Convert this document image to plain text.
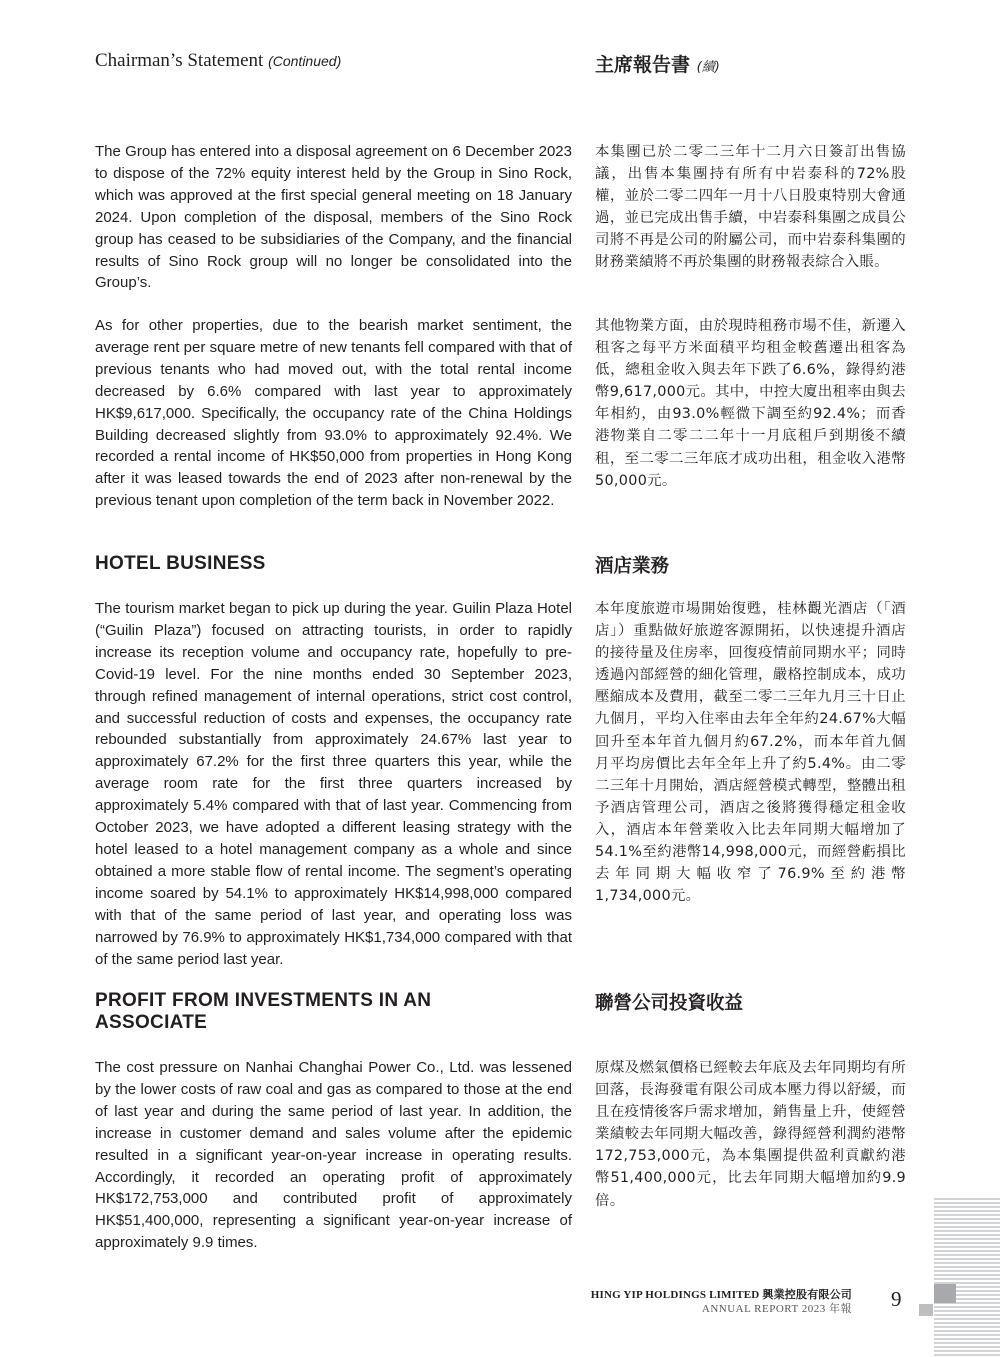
Chairman’s Statement (Continued)	主席報告書 (續)

The Group has entered into a disposal agreement on 6 December 2023 to dispose of the 72% equity interest held by the Group in Sino Rock, which was approved at the first special general meeting on 18 January 2024. Upon completion of the disposal, members of the Sino Rock group has ceased to be subsidiaries of the Company, and the financial results of Sino Rock group will no longer be consolidated into the Group’s.

本集團已於二零二三年十二月六日簽訂出售協議，出售本集團持有所有中岩泰科的72%股權，並於二零二四年一月十八日股東特別大會通過，並已完成出售手續，中岩泰科集團之成員公司將不再是公司的附屬公司，而中岩泰科集團的財務業績將不再於集團的財務報表綜合入賬。

As for other properties, due to the bearish market sentiment, the average rent per square metre of new tenants fell compared with that of previous tenants who had moved out, with the total rental income decreased by 6.6% compared with last year to approximately HK$9,617,000. Specifically, the occupancy rate of the China Holdings Building decreased slightly from 93.0% to approximately 92.4%. We recorded a rental income of HK$50,000 from properties in Hong Kong after it was leased towards the end of 2023 after non-renewal by the previous tenant upon completion of the term back in November 2022.

其他物業方面，由於現時租務市場不佳，新遷入租客之每平方米面積平均租金較舊遷出租客為低，總租金收入與去年下跌了6.6%，錄得約港幣9,617,000元。其中，中控大廈出租率由與去年相約，由93.0%輕微下調至約92.4%；而香港物業自二零二二年十一月底租戶到期後不續租，至二零二三年底才成功出租，租金收入港幣50,000元。

HOTEL BUSINESS	酒店業務

The tourism market began to pick up during the year. Guilin Plaza Hotel (“Guilin Plaza”) focused on attracting tourists, in order to rapidly increase its reception volume and occupancy rate, hopefully to pre-Covid-19 level. For the nine months ended 30 September 2023, through refined management of internal operations, strict cost control, and successful reduction of costs and expenses, the occupancy rate rebounded substantially from approximately 24.67% last year to approximately 67.2% for the first three quarters this year, while the average room rate for the first three quarters increased by approximately 5.4% compared with that of last year. Commencing from October 2023, we have adopted a different leasing strategy with the hotel leased to a hotel management company as a whole and since obtained a more stable flow of rental income. The segment’s operating income soared by 54.1% to approximately HK$14,998,000 compared with that of the same period of last year, and operating loss was narrowed by 76.9% to approximately HK$1,734,000 compared with that of the same period last year.

本年度旅遊市場開始復甦，桂林觀光酒店（「酒店」）重點做好旅遊客源開拓，以快速提升酒店的接待量及住房率，回復疫情前同期水平；同時透過內部經營的細化管理，嚴格控制成本，成功壓縮成本及費用，截至二零二三年九月三十日止九個月，平均入住率由去年全年約24.67%大幅回升至本年首九個月約67.2%，而本年首九個月平均房價比去年全年上升了約5.4%。由二零二三年十月開始，酒店經營模式轉型，整體出租予酒店管理公司，酒店之後將獲得穩定租金收入，酒店本年營業收入比去年同期大幅增加了54.1%至約港幣14,998,000元，而經營虧損比去年同期大幅收窄了76.9%至約港幣1,734,000元。

PROFIT FROM INVESTMENTS IN AN ASSOCIATE
聯營公司投資收益

The cost pressure on Nanhai Changhai Power Co., Ltd. was lessened by the lower costs of raw coal and gas as compared to those at the end of last year and during the same period of last year. In addition, the increase in customer demand and sales volume after the epidemic resulted in a significant year-on-year increase in operating results. Accordingly, it recorded an operating profit of approximately HK$172,753,000 and contributed profit of approximately HK$51,400,000, representing a significant year-on-year increase of approximately 9.9 times.

原煤及燃氣價格已經較去年底及去年同期均有所回落，長海發電有限公司成本壓力得以舒緩，而且在疫情後客戶需求增加，銷售量上升，使經營業績較去年同期大幅改善，錄得經營利潤約港幣172,753,000元，為本集團提供盈利貢獻約港幣51,400,000元，比去年同期大幅增加約9.9倍。

HING YIP HOLDINGS LIMITED 興業控股有限公司
ANNUAL REPORT 2023 年報 9
